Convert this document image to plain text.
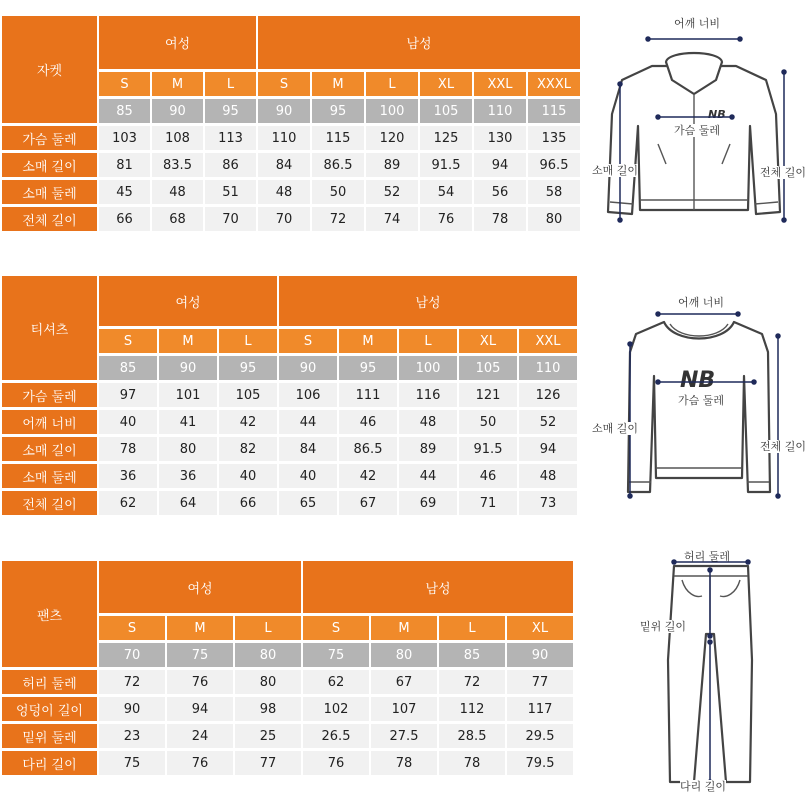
자켓	여성			남성					
	S	M	L	S	M	L	XL	XXL	XXXL
	85	90	95	90	95	100	105	110	115
가슴 둘레	103	108	113	110	115	120	125	130	135
소매 길이	81	83.5	86	84	86.5	89	91.5	94	96.5
소매 둘레	45	48	51	48	50	52	54	56	58
전체 길이	66	68	70	70	72	74	76	78	80
티셔츠	여성			남성				
	S	M	L	S	M	L	XL	XXL
	85	90	95	90	95	100	105	110
가슴 둘레	97	101	105	106	111	116	121	126
어깨 너비	40	41	42	44	46	48	50	52
소매 길이	78	80	82	84	86.5	89	91.5	94
소매 둘레	36	36	40	40	42	44	46	48
전체 길이	62	64	66	65	67	69	71	73
팬츠	여성			남성			
	S	M	L	S	M	L	XL
	70	75	80	75	80	85	90
허리 둘레	72	76	80	62	67	72	77
엉덩이 길이	90	94	98	102	107	112	117
밑위 둘레	23	24	25	26.5	27.5	28.5	29.5
다리 길이	75	76	77	76	78	78	79.5
NB
어깨 너비
가슴 둘레
소매 길이	전체 길이
NB
어깨 너비
가슴 둘레
소매 길이
전체 길이
허리 둘레
밑위 길이
다리 길이
